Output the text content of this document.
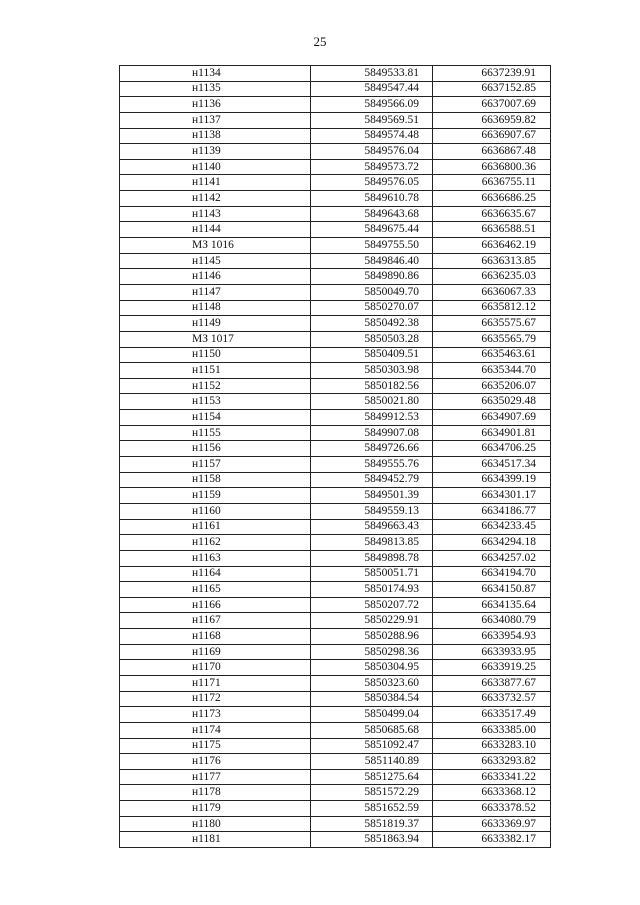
25
н1134	5849533.81	6637239.91
н1135	5849547.44	6637152.85
н1136	5849566.09	6637007.69
н1137	5849569.51	6636959.82
н1138	5849574.48	6636907.67
н1139	5849576.04	6636867.48
н1140	5849573.72	6636800.36
н1141	5849576.05	6636755.11
н1142	5849610.78	6636686.25
н1143	5849643.68	6636635.67
н1144	5849675.44	6636588.51
МЗ 1016	5849755.50	6636462.19
н1145	5849846.40	6636313.85
н1146	5849890.86	6636235.03
н1147	5850049.70	6636067.33
н1148	5850270.07	6635812.12
н1149	5850492.38	6635575.67
МЗ 1017	5850503.28	6635565.79
н1150	5850409.51	6635463.61
н1151	5850303.98	6635344.70
н1152	5850182.56	6635206.07
н1153	5850021.80	6635029.48
н1154	5849912.53	6634907.69
н1155	5849907.08	6634901.81
н1156	5849726.66	6634706.25
н1157	5849555.76	6634517.34
н1158	5849452.79	6634399.19
н1159	5849501.39	6634301.17
н1160	5849559.13	6634186.77
н1161	5849663.43	6634233.45
н1162	5849813.85	6634294.18
н1163	5849898.78	6634257.02
н1164	5850051.71	6634194.70
н1165	5850174.93	6634150.87
н1166	5850207.72	6634135.64
н1167	5850229.91	6634080.79
н1168	5850288.96	6633954.93
н1169	5850298.36	6633933.95
н1170	5850304.95	6633919.25
н1171	5850323.60	6633877.67
н1172	5850384.54	6633732.57
н1173	5850499.04	6633517.49
н1174	5850685.68	6633385.00
н1175	5851092.47	6633283.10
н1176	5851140.89	6633293.82
н1177	5851275.64	6633341.22
н1178	5851572.29	6633368.12
н1179	5851652.59	6633378.52
н1180	5851819.37	6633369.97
н1181	5851863.94	6633382.17
